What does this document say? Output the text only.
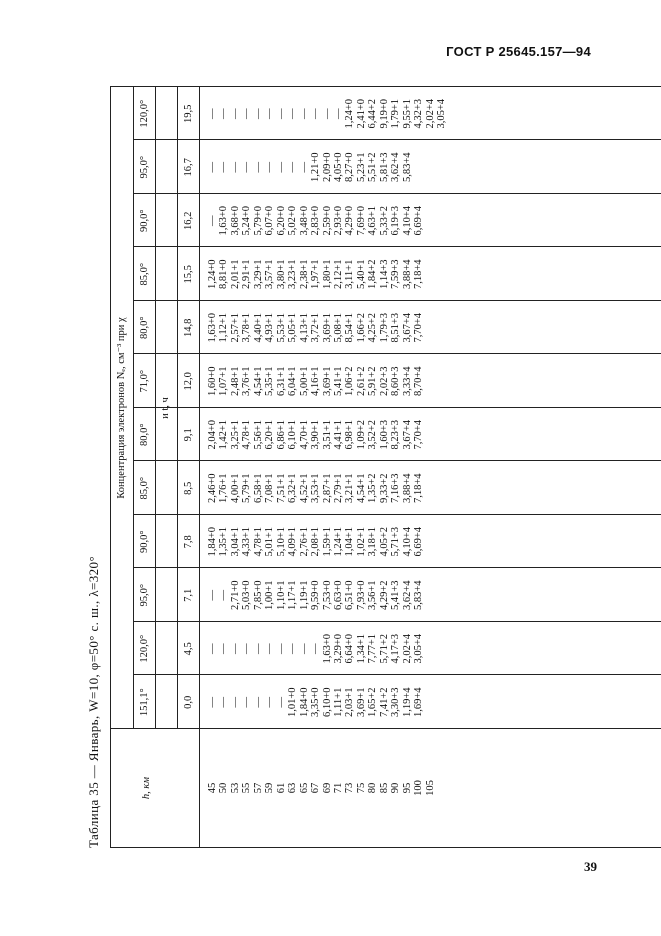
ГОСТ Р 25645.157—94
Таблица 35 — Январь, W=10, φ=50° с. ш., λ=320°	h, км
Концентрация электронов Nₑ, см⁻³ при χ	и t, ч
151,1°
120,0°
95,0°
90,0°
85,0°
80,0°
71,0°
80,0°
85,0°
90,0°
95,0°
120,0°
0,0
4,5
7,1
7,8
8,5
9,1
12,0
14,8
15,5
16,2
16,7
19,5
45 50 53 55 57 59 61 63 65 67 69 71 73 75 80 85 90 95 100 105
—
—
—
—
—
—
—
1,01+0
1,84+0
3,35+0
6,10+0
1,11+1
2,03+1
3,69+1
1,65+2
7,41+2
3,30+3
1,19+4
1,69+4
—
—
—
—
—
—
—
—
—
—
1,63+0
3,29+0
6,64+0
1,34+1
7,77+1
5,71+2
4,17+3
2,02+4
3,05+4
—
—
2,71+0
5,03+0
7,85+0
1,00+1
1,10+1
1,17+1
1,19+1
9,59+0
7,53+0
6,63+0
6,51+0
7,93+0
3,56+1
4,29+2
5,41+3
3,62+4
5,83+4
1,84+0
1,35+1
3,04+1
4,33+1
4,78+1
5,01+1
5,10+1
4,09+1
2,76+1
2,08+1
1,59+1
1,24+1
1,04+1
1,02+1
3,18+1
4,05+2
5,71+3
4,10+4
6,69+4
2,46+0
1,76+1
4,00+1
5,79+1
6,58+1
7,08+1
7,51+1
6,32+1
4,52+1
3,53+1
2,87+1
2,79+1
3,21+1
4,54+1
1,35+2
9,33+2
7,16+3
3,88+4
7,18+4
2,04+0
1,42+1
3,25+1
4,78+1
5,56+1
6,20+1
6,86+1
6,10+1
4,70+1
3,90+1
3,51+1
4,41+1
6,98+1
1,09+2
3,52+2
1,60+3
8,23+3
3,67+4
7,70+4
1,60+0
1,07+1
2,48+1
3,76+1
4,54+1
5,35+1
6,31+1
6,04+1
5,00+1
4,16+1
3,69+1
5,41+1
1,06+2
2,61+2
5,91+2
2,02+3
8,60+3
3,33+4
8,70+4
1,63+0
1,12+1
2,57+1
3,78+1
4,40+1
4,93+1
5,53+1
5,05+1
4,13+1
3,72+1
3,69+1
5,08+1
8,54+1
1,66+2
4,25+2
1,79+3
8,51+3
3,67+4
7,70+4
1,24+0
8,81+0
2,01+1
2,91+1
3,29+1
3,57+1
3,80+1
3,23+1
2,38+1
1,97+1
1,80+1
2,12+1
3,11+1
5,40+1
1,84+2
1,14+3
7,59+3
3,88+4
7,18+4
—
1,63+0
3,68+0
5,24+0
5,79+0
6,07+0
6,20+0
5,02+0
3,48+0
2,83+0
2,59+0
2,93+0
4,29+0
7,69+0
4,63+1
5,33+2
6,19+3
4,10+4
6,69+4
—
—
—
—
—
—
—
—
—
1,21+0
2,09+0
4,05+0
8,27+0
5,23+1
5,51+2
5,81+3
3,62+4
5,83+4
—
—
—
—
—
—
—
—
—
—
—
—
1,24+0
2,41+0
6,44+2
9,19+0
1,79+1
9,55+1
4,32+3
2,02+4
3,05+4
39
